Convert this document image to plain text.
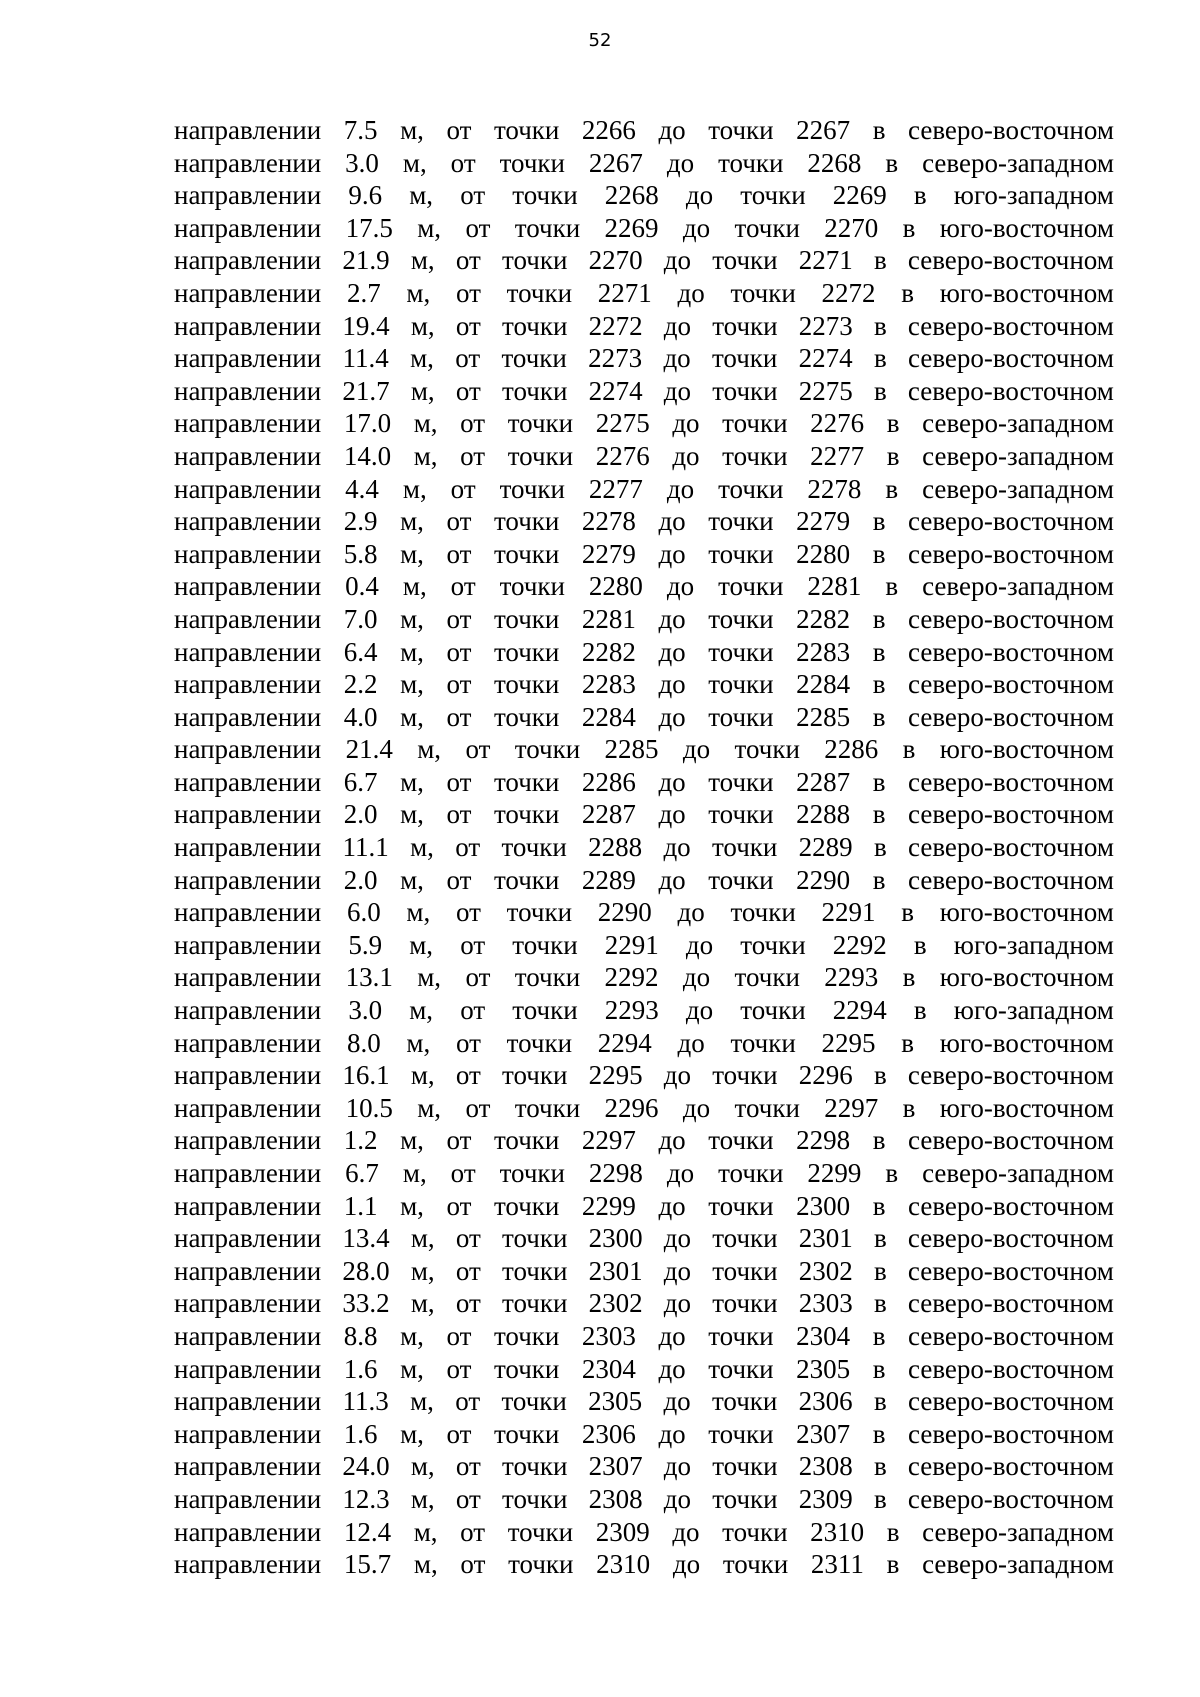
52
направлении 7.5 м, от точки 2266 до точки 2267 в северо-восточном
направлении 3.0 м, от точки 2267 до точки 2268 в северо-западном
направлении 9.6 м, от точки 2268 до точки 2269 в юго-западном
направлении 17.5 м, от точки 2269 до точки 2270 в юго-восточном
направлении 21.9 м, от точки 2270 до точки 2271 в северо-восточном
направлении 2.7 м, от точки 2271 до точки 2272 в юго-восточном
направлении 19.4 м, от точки 2272 до точки 2273 в северо-восточном
направлении 11.4 м, от точки 2273 до точки 2274 в северо-восточном
направлении 21.7 м, от точки 2274 до точки 2275 в северо-восточном
направлении 17.0 м, от точки 2275 до точки 2276 в северо-западном
направлении 14.0 м, от точки 2276 до точки 2277 в северо-западном
направлении 4.4 м, от точки 2277 до точки 2278 в северо-западном
направлении 2.9 м, от точки 2278 до точки 2279 в северо-восточном
направлении 5.8 м, от точки 2279 до точки 2280 в северо-восточном
направлении 0.4 м, от точки 2280 до точки 2281 в северо-западном
направлении 7.0 м, от точки 2281 до точки 2282 в северо-восточном
направлении 6.4 м, от точки 2282 до точки 2283 в северо-восточном
направлении 2.2 м, от точки 2283 до точки 2284 в северо-восточном
направлении 4.0 м, от точки 2284 до точки 2285 в северо-восточном
направлении 21.4 м, от точки 2285 до точки 2286 в юго-восточном
направлении 6.7 м, от точки 2286 до точки 2287 в северо-восточном
направлении 2.0 м, от точки 2287 до точки 2288 в северо-восточном
направлении 11.1 м, от точки 2288 до точки 2289 в северо-восточном
направлении 2.0 м, от точки 2289 до точки 2290 в северо-восточном
направлении 6.0 м, от точки 2290 до точки 2291 в юго-восточном
направлении 5.9 м, от точки 2291 до точки 2292 в юго-западном
направлении 13.1 м, от точки 2292 до точки 2293 в юго-восточном
направлении 3.0 м, от точки 2293 до точки 2294 в юго-западном
направлении 8.0 м, от точки 2294 до точки 2295 в юго-восточном
направлении 16.1 м, от точки 2295 до точки 2296 в северо-восточном
направлении 10.5 м, от точки 2296 до точки 2297 в юго-восточном
направлении 1.2 м, от точки 2297 до точки 2298 в северо-восточном
направлении 6.7 м, от точки 2298 до точки 2299 в северо-западном
направлении 1.1 м, от точки 2299 до точки 2300 в северо-восточном
направлении 13.4 м, от точки 2300 до точки 2301 в северо-восточном
направлении 28.0 м, от точки 2301 до точки 2302 в северо-восточном
направлении 33.2 м, от точки 2302 до точки 2303 в северо-восточном
направлении 8.8 м, от точки 2303 до точки 2304 в северо-восточном
направлении 1.6 м, от точки 2304 до точки 2305 в северо-восточном
направлении 11.3 м, от точки 2305 до точки 2306 в северо-восточном
направлении 1.6 м, от точки 2306 до точки 2307 в северо-восточном
направлении 24.0 м, от точки 2307 до точки 2308 в северо-восточном
направлении 12.3 м, от точки 2308 до точки 2309 в северо-восточном
направлении 12.4 м, от точки 2309 до точки 2310 в северо-западном
направлении 15.7 м, от точки 2310 до точки 2311 в северо-западном
